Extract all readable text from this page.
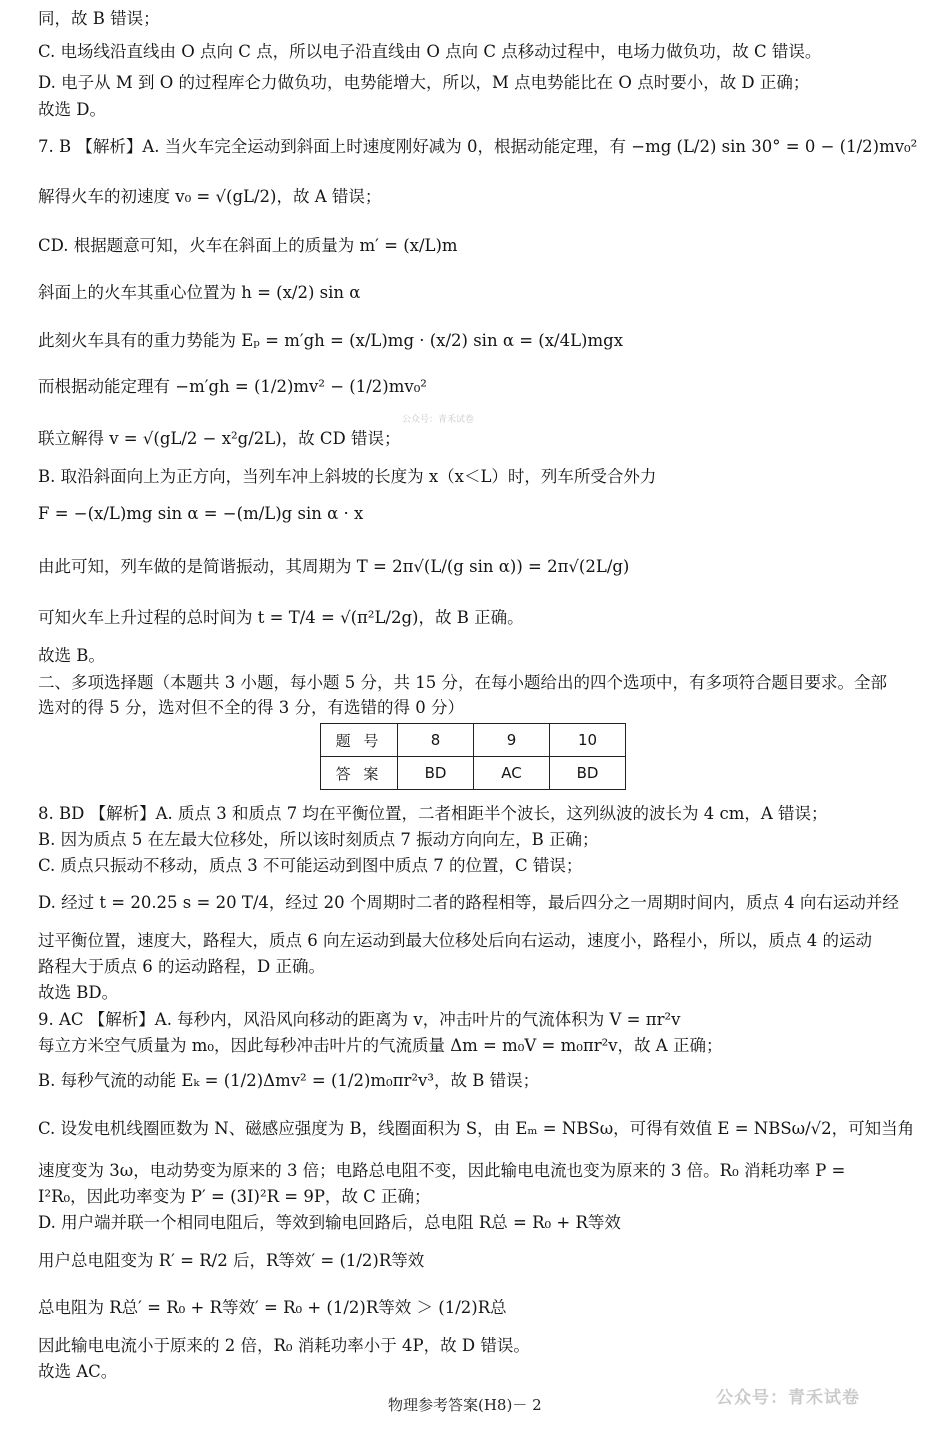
同，故 B 错误；
C. 电场线沿直线由 O 点向 C 点，所以电子沿直线由 O 点向 C 点移动过程中，电场力做负功，故 C 错误。
D. 电子从 M 到 O 的过程库仑力做负功，电势能增大，所以，M 点电势能比在 O 点时要小，故 D 正确；
故选 D。
7. B 【解析】A. 当火车完全运动到斜面上时速度刚好减为 0，根据动能定理，有 −mg (L/2) sin 30° = 0 − (1/2)mv₀²
解得火车的初速度 v₀ = √(gL/2)，故 A 错误；
CD. 根据题意可知，火车在斜面上的质量为 m′ = (x/L)m
斜面上的火车其重心位置为 h = (x/2) sin α
此刻火车具有的重力势能为 Eₚ = m′gh = (x/L)mg · (x/2) sin α = (x/4L)mgx
而根据动能定理有 −m′gh = (1/2)mv² − (1/2)mv₀²
联立解得 v = √(gL/2 − x²g/2L)，故 CD 错误；
B. 取沿斜面向上为正方向，当列车冲上斜坡的长度为 x（x＜L）时，列车所受合外力
F = −(x/L)mg sin α = −(m/L)g sin α · x
由此可知，列车做的是简谐振动，其周期为 T = 2π√(L/(g sin α)) = 2π√(2L/g)
可知火车上升过程的总时间为 t = T/4 = √(π²L/2g)，故 B 正确。
故选 B。
二、多项选择题（本题共 3 小题，每小题 5 分，共 15 分，在每小题给出的四个选项中，有多项符合题目要求。全部
选对的得 5 分，选对但不全的得 3 分，有选错的得 0 分）
8. BD 【解析】A. 质点 3 和质点 7 均在平衡位置，二者相距半个波长，这列纵波的波长为 4 cm，A 错误；
B. 因为质点 5 在左最大位移处，所以该时刻质点 7 振动方向向左，B 正确；
C. 质点只振动不移动，质点 3 不可能运动到图中质点 7 的位置，C 错误；
D. 经过 t = 20.25 s = 20 T/4，经过 20 个周期时二者的路程相等，最后四分之一周期时间内，质点 4 向右运动并经
过平衡位置，速度大，路程大，质点 6 向左运动到最大位移处后向右运动，速度小，路程小，所以，质点 4 的运动
路程大于质点 6 的运动路程，D 正确。
故选 BD。
9. AC 【解析】A. 每秒内，风沿风向移动的距离为 v，冲击叶片的气流体积为 V = πr²v
每立方米空气质量为 m₀，因此每秒冲击叶片的气流质量 Δm = m₀V = m₀πr²v，故 A 正确；
B. 每秒气流的动能 Eₖ = (1/2)Δmv² = (1/2)m₀πr²v³，故 B 错误；
C. 设发电机线圈匝数为 N、磁感应强度为 B，线圈面积为 S，由 Eₘ = NBSω，可得有效值 E = NBSω/√2，可知当角
速度变为 3ω，电动势变为原来的 3 倍；电路总电阻不变，因此输电电流也变为原来的 3 倍。R₀ 消耗功率 P =
I²R₀，因此功率变为 P′ = (3I)²R = 9P，故 C 正确；
D. 用户端并联一个相同电阻后，等效到输电回路后，总电阻 R总 = R₀ + R等效
用户总电阻变为 R′ = R/2 后，R等效′ = (1/2)R等效
总电阻为 R总′ = R₀ + R等效′ = R₀ + (1/2)R等效 ＞ (1/2)R总
因此输电电流小于原来的 2 倍，R₀ 消耗功率小于 4P，故 D 错误。
故选 AC。
题 号	8	9	10
答 案	BD	AC	BD
公众号：青禾试卷
物理参考答案(H8)－ 2	公众号：青禾试卷
